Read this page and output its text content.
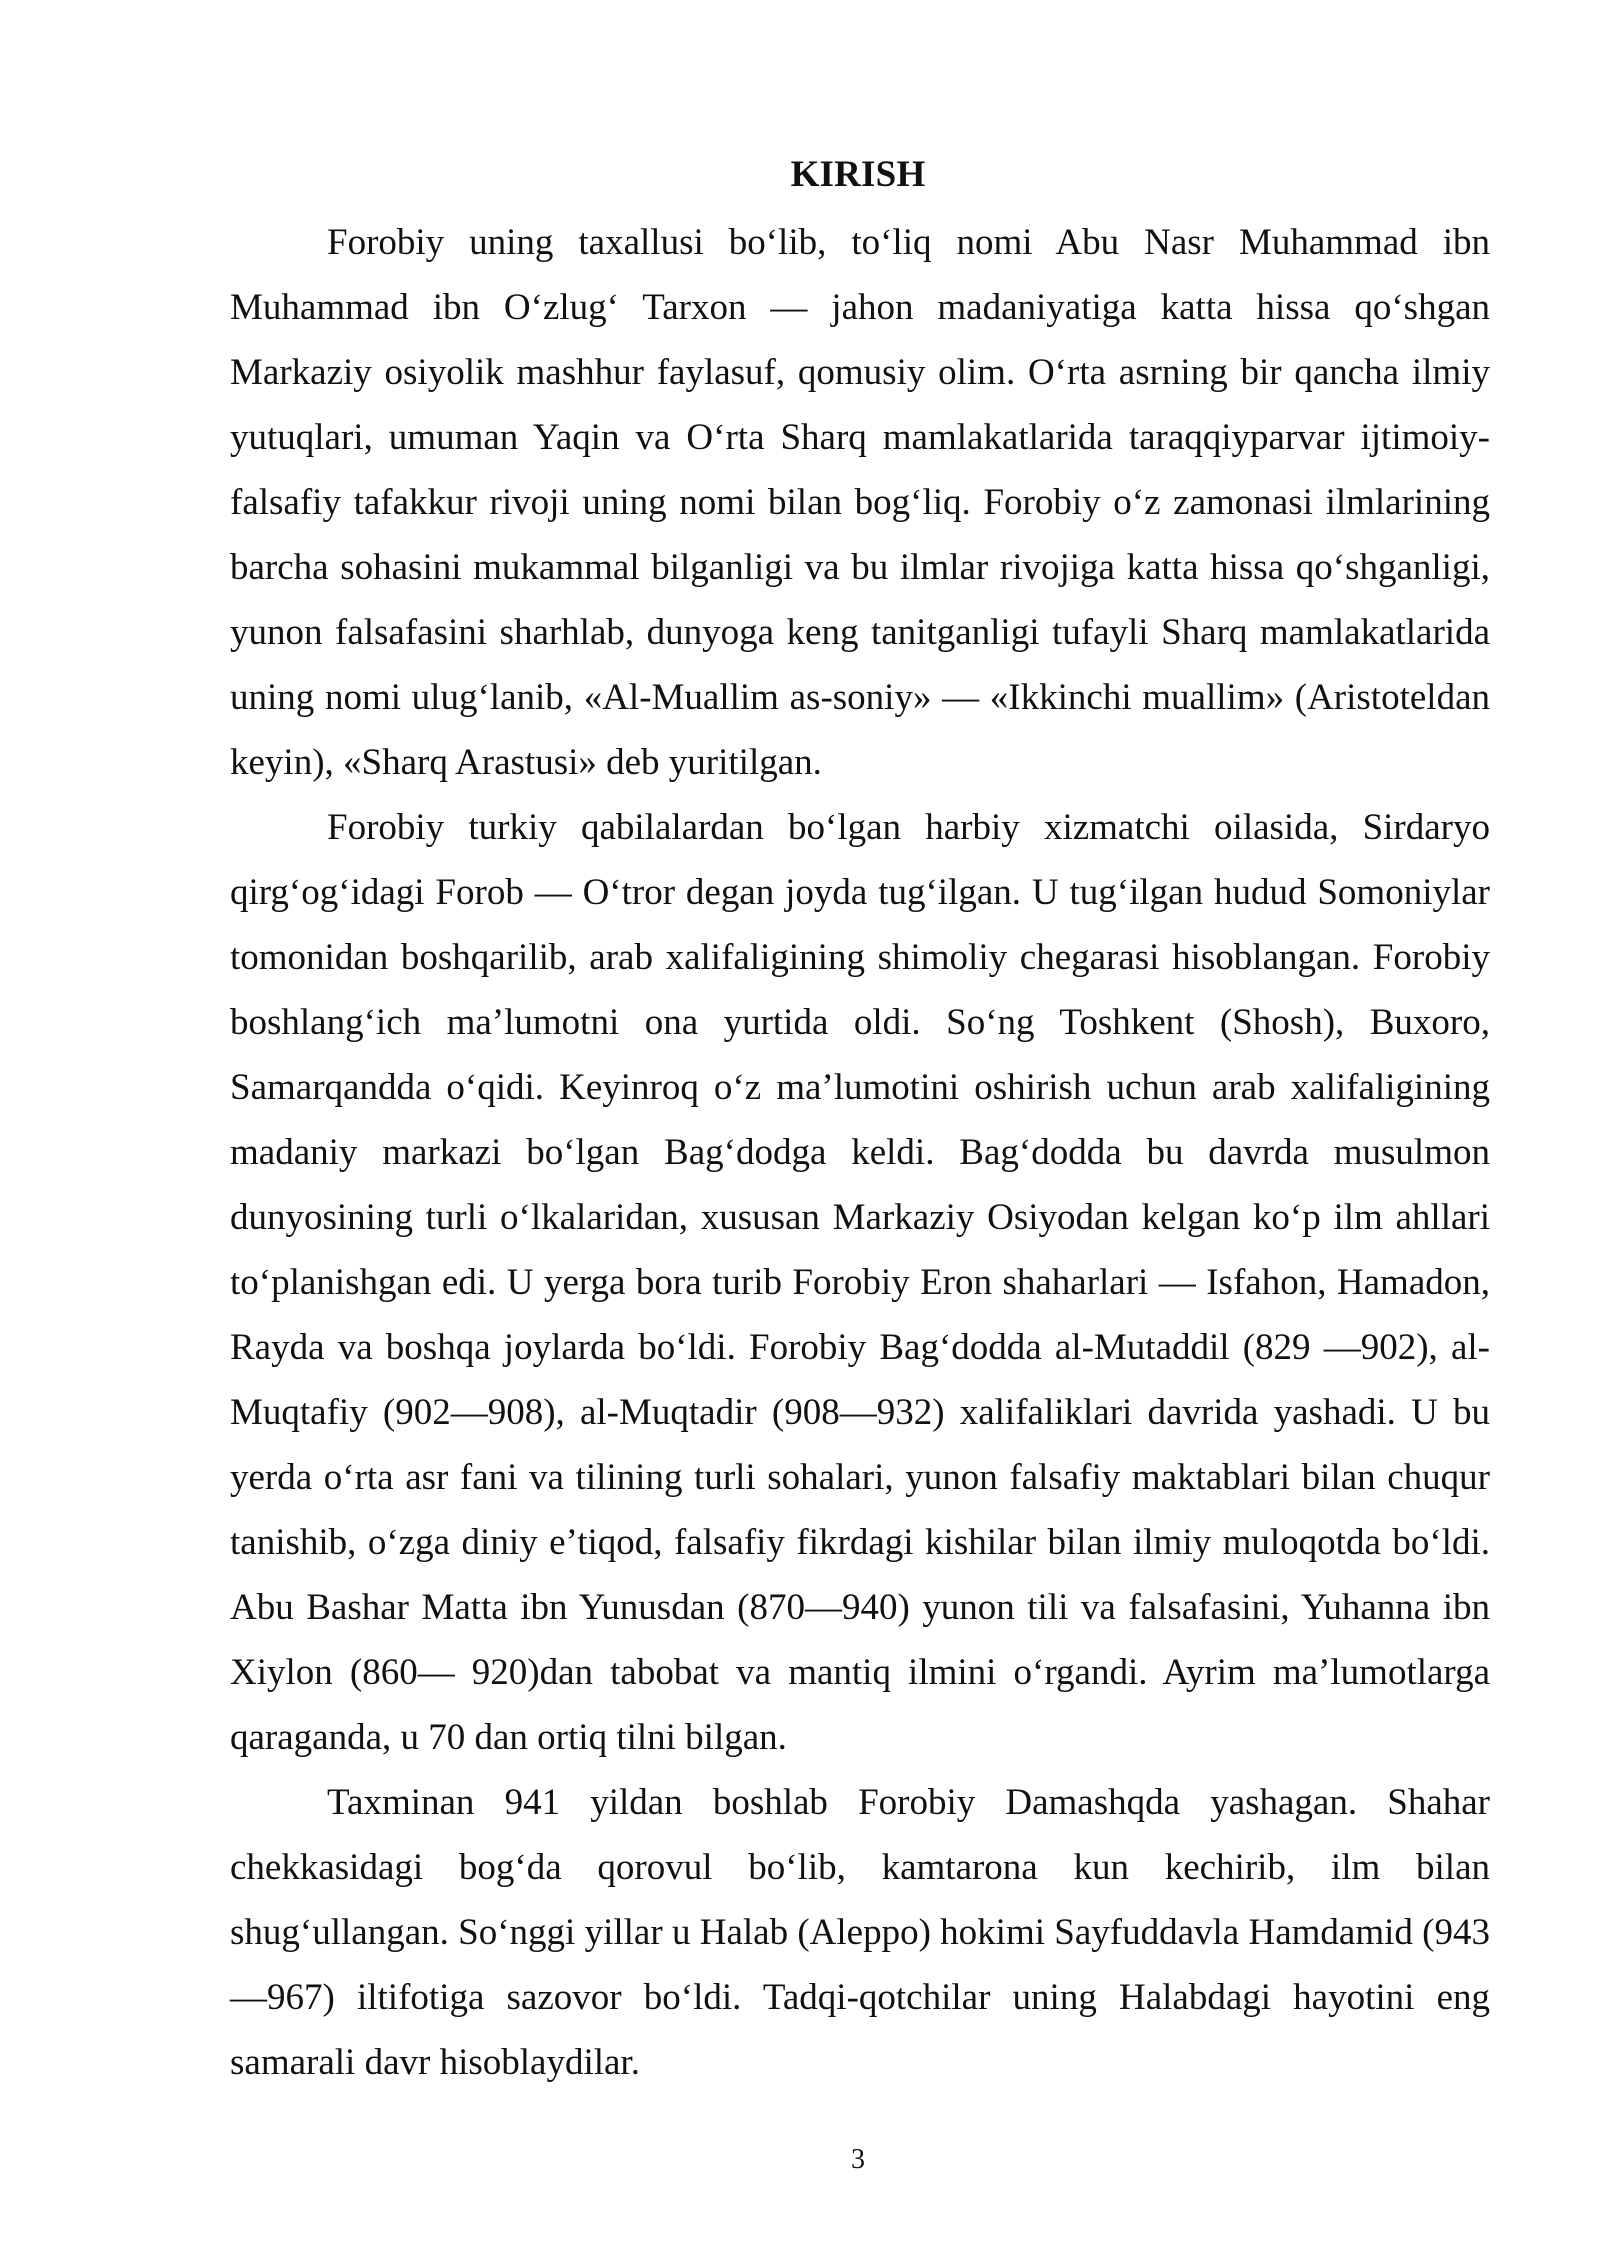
KIRISH

Forobiy uning taxallusi bo‘lib, to‘liq nomi Abu Nasr Muhammad ibn Muhammad ibn O‘zlug‘ Tarxon — jahon madaniyatiga katta hissa qo‘shgan Markaziy osiyolik mashhur faylasuf, qomusiy olim. O‘rta asrning bir qancha ilmiy yutuqlari, umuman Yaqin va O‘rta Sharq mamlakatlarida taraqqiyparvar ijtimoiy-falsafiy tafakkur rivoji uning nomi bilan bog‘liq. Forobiy o‘z zamonasi ilmlarining barcha sohasini mukammal bilganligi va bu ilmlar rivojiga katta hissa qo‘shganligi, yunon falsafasini sharhlab, dunyoga keng tanitganligi tufayli Sharq mamlakatlarida uning nomi ulug‘lanib, «Al-Muallim as-soniy» — «Ikkinchi muallim» (Aristoteldan keyin), «Sharq Arastusi» deb yuritilgan.

Forobiy turkiy qabilalardan bo‘lgan harbiy xizmatchi oilasida, Sirdaryo qirg‘og‘idagi Forob — O‘tror degan joyda tug‘ilgan. U tug‘ilgan hudud Somoniylar tomonidan boshqarilib, arab xalifaligining shimoliy chegarasi hisoblangan. Forobiy boshlang‘ich ma’lumotni ona yurtida oldi. So‘ng Toshkent (Shosh), Buxoro, Samarqandda o‘qidi. Keyinroq o‘z ma’lumotini oshirish uchun arab xalifaligining madaniy markazi bo‘lgan Bag‘dodga keldi. Bag‘dodda bu davrda musulmon dunyosining turli o‘lkalaridan, xususan Markaziy Osiyodan kelgan ko‘p ilm ahllari to‘planishgan edi. U yerga bora turib Forobiy Eron shaharlari — Isfahon, Hamadon, Rayda va boshqa joylarda bo‘ldi. Forobiy Bag‘dodda al-Mutaddil (829 —902), al-Muqtafiy (902—908), al-Muqtadir (908—932) xalifaliklari davrida yashadi. U bu yerda o‘rta asr fani va tilining turli sohalari, yunon falsafiy maktablari bilan chuqur tanishib, o‘zga diniy e’tiqod, falsafiy fikrdagi kishilar bilan ilmiy muloqotda bo‘ldi. Abu Bashar Matta ibn Yunusdan (870—940) yunon tili va falsafasini, Yuhanna ibn Xiylon (860— 920)dan tabobat va mantiq ilmini o‘rgandi. Ayrim ma’lumotlarga qaraganda, u 70 dan ortiq tilni bilgan.

Taxminan 941 yildan boshlab Forobiy Damashqda yashagan. Shahar chekkasidagi bog‘da qorovul bo‘lib, kamtarona kun kechirib, ilm bilan shug‘ullangan. So‘nggi yillar u Halab (Aleppo) hokimi Sayfuddavla Hamdamid (943—967) iltifotiga sazovor bo‘ldi. Tadqi-qotchilar uning Halabdagi hayotini eng samarali davr hisoblaydilar.

3
